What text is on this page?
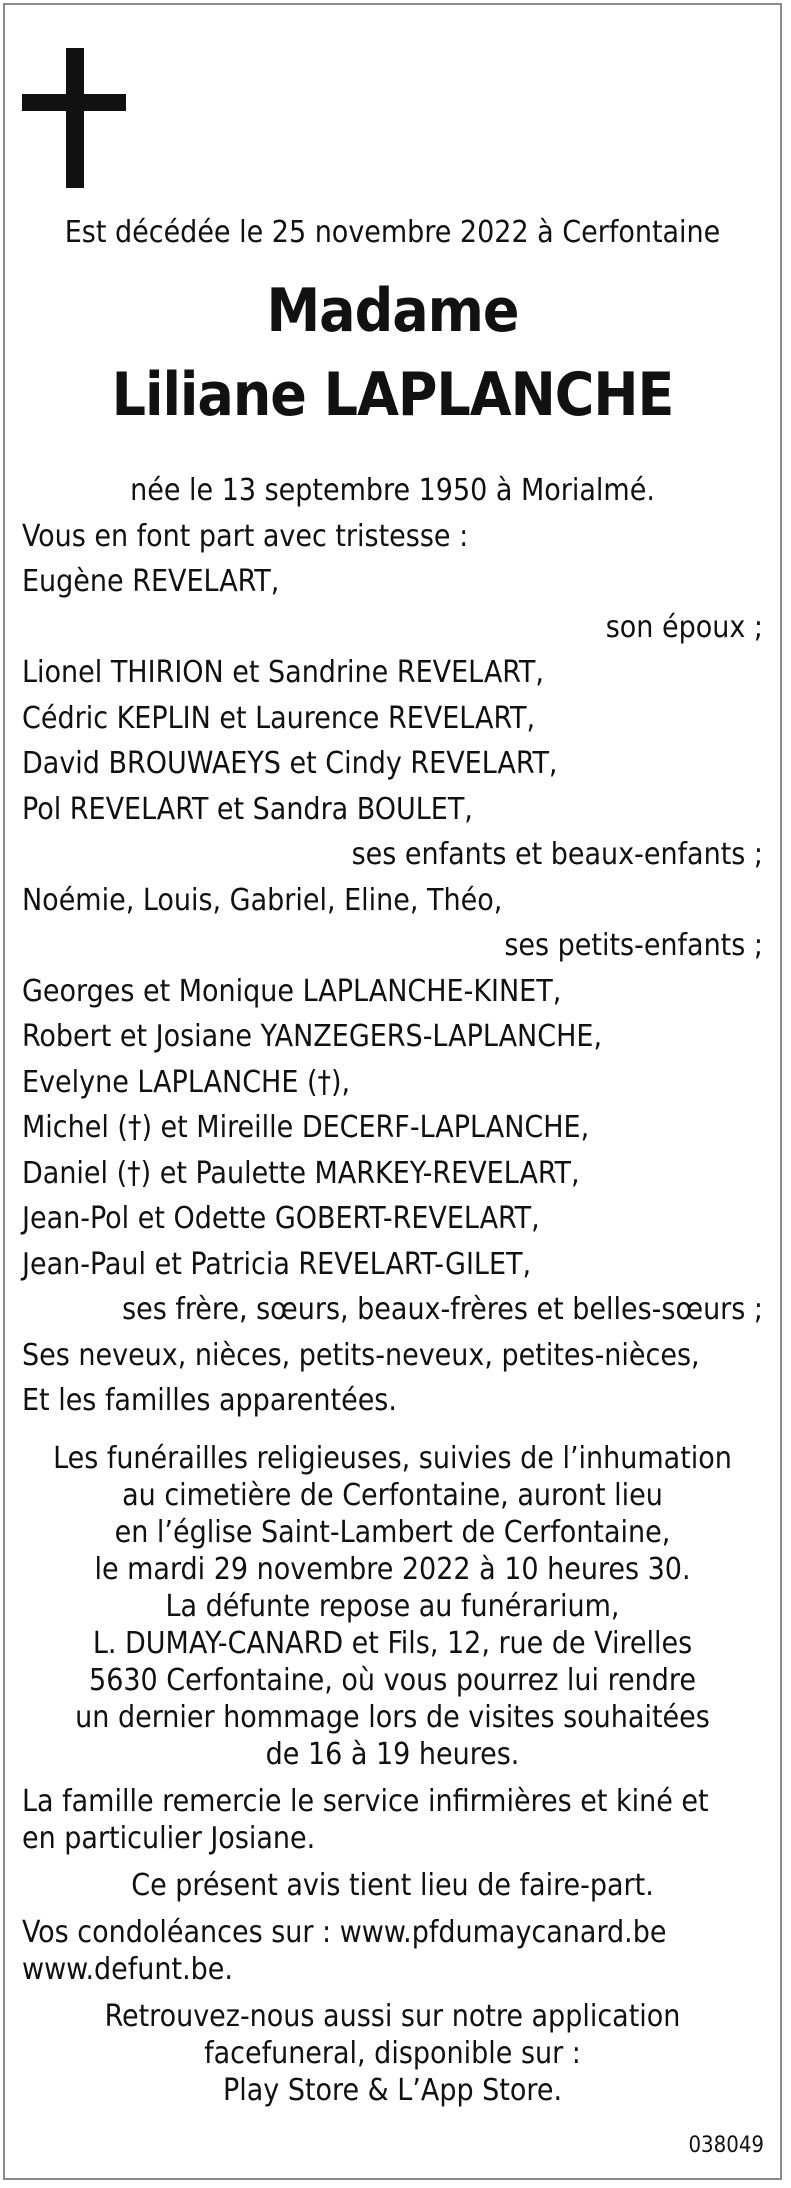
Est décédée le 25 novembre 2022 à Cerfontaine
Madame
Liliane LAPLANCHE
née le 13 septembre 1950 à Morialmé.
Vous en font part avec tristesse :
Eugène REVELART,
son époux ;
Lionel THIRION et Sandrine REVELART,
Cédric KEPLIN et Laurence REVELART,
David BROUWAEYS et Cindy REVELART,
Pol REVELART et Sandra BOULET,
ses enfants et beaux-enfants ;
Noémie, Louis, Gabriel, Eline, Théo,
ses petits-enfants ;
Georges et Monique LAPLANCHE-KINET,
Robert et Josiane YANZEGERS-LAPLANCHE,
Evelyne LAPLANCHE (†),
Michel (†) et Mireille DECERF-LAPLANCHE,
Daniel (†) et Paulette MARKEY-REVELART,
Jean-Pol et Odette GOBERT-REVELART,
Jean-Paul et Patricia REVELART-GILET,
ses frère, sœurs, beaux-frères et belles-sœurs ;
Ses neveux, nièces, petits-neveux, petites-nièces,
Et les familles apparentées.
Les funérailles religieuses, suivies de l’inhumation
au cimetière de Cerfontaine, auront lieu
en l’église Saint-Lambert de Cerfontaine,
le mardi 29 novembre 2022 à 10 heures 30.
La défunte repose au funérarium,
L. DUMAY-CANARD et Fils, 12, rue de Virelles
5630 Cerfontaine, où vous pourrez lui rendre
un dernier hommage lors de visites souhaitées
de 16 à 19 heures.
La famille remercie le service infirmières et kiné et
en particulier Josiane.
Ce présent avis tient lieu de faire-part.
Vos condoléances sur : www.pfdumaycanard.be
www.defunt.be.
Retrouvez-nous aussi sur notre application
facefuneral, disponible sur :
Play Store & L’App Store.
038049
